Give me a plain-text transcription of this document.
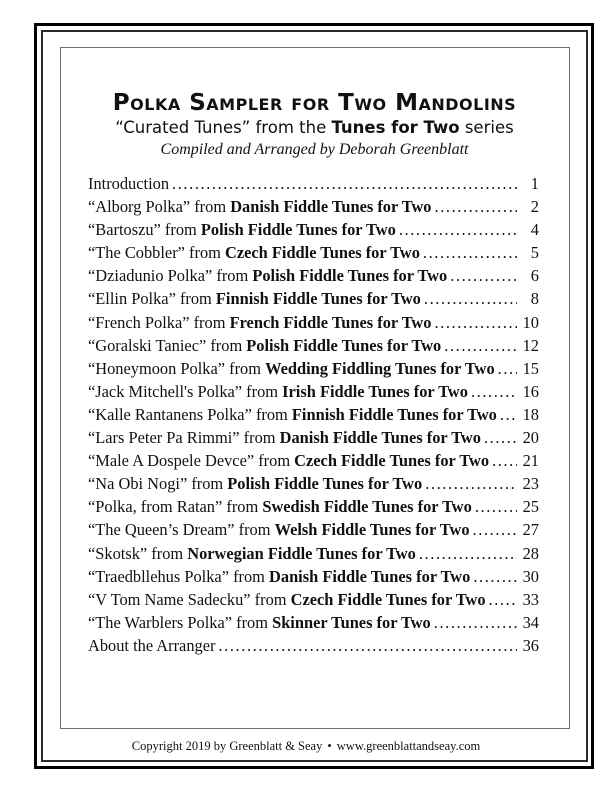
Polka Sampler for Two Mandolins
“Curated Tunes” from the Tunes for Two series
Compiled and Arranged by Deborah Greenblatt
Introduction .....	1
“Alborg Polka” from Danish Fiddle Tunes for Two .....	2
“Bartoszu” from Polish Fiddle Tunes for Two .....	4
“The Cobbler” from Czech Fiddle Tunes for Two .....	5
“Dziadunio Polka” from Polish Fiddle Tunes for Two .....	6
“Ellin Polka” from Finnish Fiddle Tunes for Two .....	8
“French Polka” from French Fiddle Tunes for Two .....	10
“Goralski Taniec” from Polish Fiddle Tunes for Two .....	12
“Honeymoon Polka” from Wedding Fiddling Tunes for Two ..... 15
“Jack Mitchell's Polka” from Irish Fiddle Tunes for Two .....	16
“Kalle Rantanens Polka” from Finnish Fiddle Tunes for Two ..... 18
“Lars Peter Pa Rimmi” from Danish Fiddle Tunes for Two .....	20
“Male A Dospele Devce” from Czech Fiddle Tunes for Two ..... 21
“Na Obi Nogi” from Polish Fiddle Tunes for Two .....	23
“Polka, from Ratan” from Swedish Fiddle Tunes for Two .....	25
“The Queen’s Dream” from Welsh Fiddle Tunes for Two .....	27
“Skotsk” from Norwegian Fiddle Tunes for Two .....	28
“Traedbllehus Polka” from Danish Fiddle Tunes for Two .....	30
“V Tom Name Sadecku” from Czech Fiddle Tunes for Two ..... 33
“The Warblers Polka” from Skinner Tunes for Two .....	34
About the Arranger .....	36
Copyright 2019 by Greenblatt & Seay • www.greenblattandseay.com
